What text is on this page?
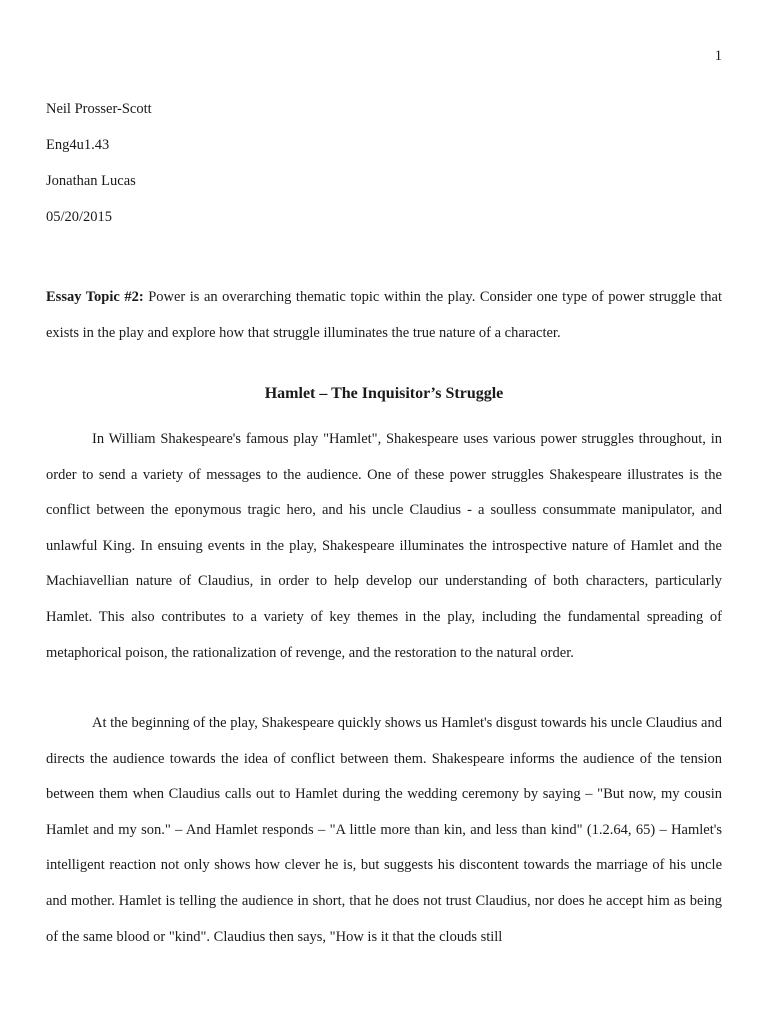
1
Neil Prosser-Scott
Eng4u1.43
Jonathan Lucas
05/20/2015

Essay Topic #2: Power is an overarching thematic topic within the play. Consider one type of power struggle that exists in the play and explore how that struggle illuminates the true nature of a character.

Hamlet – The Inquisitor’s Struggle

In William Shakespeare's famous play "Hamlet", Shakespeare uses various power struggles throughout, in order to send a variety of messages to the audience. One of these power struggles Shakespeare illustrates is the conflict between the eponymous tragic hero, and his uncle Claudius - a soulless consummate manipulator, and unlawful King. In ensuing events in the play, Shakespeare illuminates the introspective nature of Hamlet and the Machiavellian nature of Claudius, in order to help develop our understanding of both characters, particularly Hamlet. This also contributes to a variety of key themes in the play, including the fundamental spreading of metaphorical poison, the rationalization of revenge, and the restoration to the natural order.

At the beginning of the play, Shakespeare quickly shows us Hamlet's disgust towards his uncle Claudius and directs the audience towards the idea of conflict between them. Shakespeare informs the audience of the tension between them when Claudius calls out to Hamlet during the wedding ceremony by saying – "But now, my cousin Hamlet and my son." – And Hamlet responds – "A little more than kin, and less than kind" (1.2.64, 65) – Hamlet's intelligent reaction not only shows how clever he is, but suggests his discontent towards the marriage of his uncle and mother. Hamlet is telling the audience in short, that he does not trust Claudius, nor does he accept him as being of the same blood or "kind". Claudius then says, "How is it that the clouds still
